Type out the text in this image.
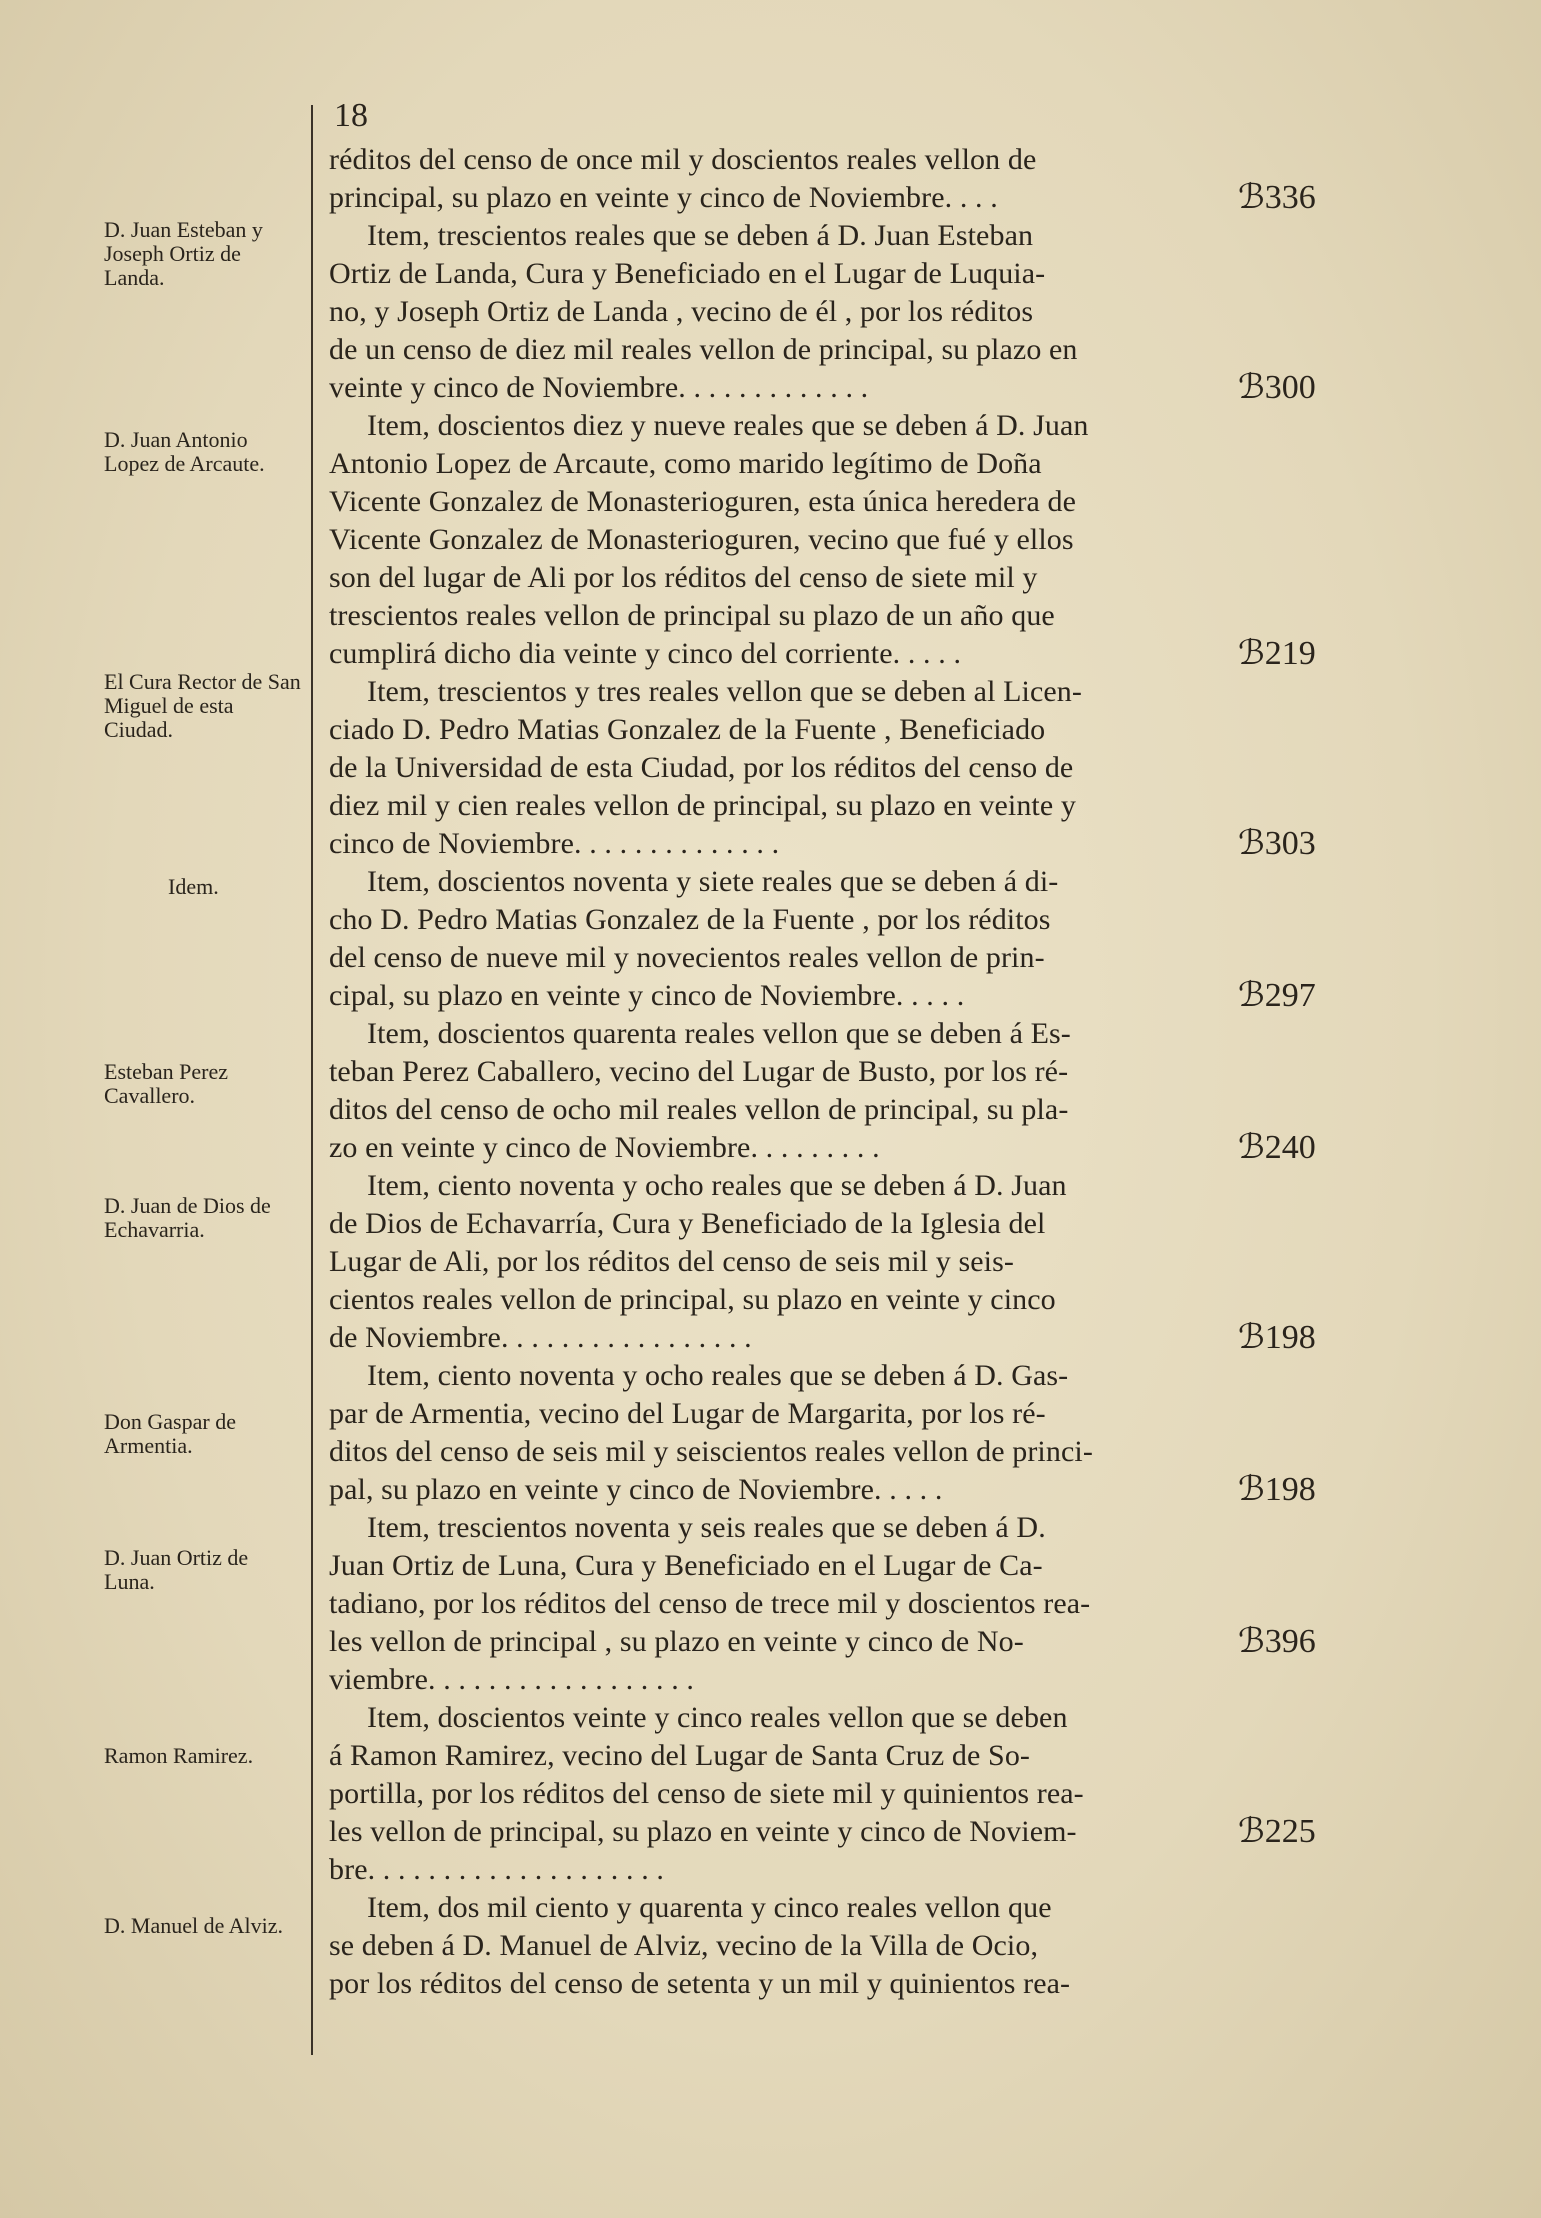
18
D. Juan Esteban y Joseph Ortiz de Landa.
D. Juan Antonio Lopez de Arcaute.
El Cura Rector de San Miguel de esta Ciudad.
Idem.
Esteban Perez Cavallero.
D. Juan de Dios de Echavarria.
Don Gaspar de Armentia.
D. Juan Ortiz de Luna.
Ramon Ramirez.
D. Manuel de Alviz.
réditos del censo de once mil y doscientos reales vellon de
principal, su plazo en veinte y cinco de Noviembre. . . .
Item, trescientos reales que se deben á D. Juan Esteban
Ortiz de Landa, Cura y Beneficiado en el Lugar de Luquia-
no, y Joseph Ortiz de Landa , vecino de él , por los réditos
de un censo de diez mil reales vellon de principal, su plazo en
veinte y cinco de Noviembre. . . . . . . . . . . . .
Item, doscientos diez y nueve reales que se deben á D. Juan
Antonio Lopez de Arcaute, como marido legítimo de Doña
Vicente Gonzalez de Monasterioguren, esta única heredera de
Vicente Gonzalez de Monasterioguren, vecino que fué y ellos
son del lugar de Ali por los réditos del censo de siete mil y
trescientos reales vellon de principal su plazo de un año que
cumplirá dicho dia veinte y cinco del corriente. . . . .
Item, trescientos y tres reales vellon que se deben al Licen-
ciado D. Pedro Matias Gonzalez de la Fuente , Beneficiado
de la Universidad de esta Ciudad, por los réditos del censo de
diez mil y cien reales vellon de principal, su plazo en veinte y
cinco de Noviembre. . . . . . . . . . . . . .
Item, doscientos noventa y siete reales que se deben á di-
cho D. Pedro Matias Gonzalez de la Fuente , por los réditos
del censo de nueve mil y novecientos reales vellon de prin-
cipal, su plazo en veinte y cinco de Noviembre. . . . .
Item, doscientos quarenta reales vellon que se deben á Es-
teban Perez Caballero, vecino del Lugar de Busto, por los ré-
ditos del censo de ocho mil reales vellon de principal, su pla-
zo en veinte y cinco de Noviembre. . . . . . . . .
Item, ciento noventa y ocho reales que se deben á D. Juan
de Dios de Echavarría, Cura y Beneficiado de la Iglesia del
Lugar de Ali, por los réditos del censo de seis mil y seis-
cientos reales vellon de principal, su plazo en veinte y cinco
de Noviembre. . . . . . . . . . . . . . . . .
Item, ciento noventa y ocho reales que se deben á D. Gas-
par de Armentia, vecino del Lugar de Margarita, por los ré-
ditos del censo de seis mil y seiscientos reales vellon de princi-
pal, su plazo en veinte y cinco de Noviembre. . . . .
Item, trescientos noventa y seis reales que se deben á D.
Juan Ortiz de Luna, Cura y Beneficiado en el Lugar de Ca-
tadiano, por los réditos del censo de trece mil y doscientos rea-
les vellon de principal , su plazo en veinte y cinco de No-
viembre. . . . . . . . . . . . . . . . . .
Item, doscientos veinte y cinco reales vellon que se deben
á Ramon Ramirez, vecino del Lugar de Santa Cruz de So-
portilla, por los réditos del censo de siete mil y quinientos rea-
les vellon de principal, su plazo en veinte y cinco de Noviem-
bre. . . . . . . . . . . . . . . . . . . .
Item, dos mil ciento y quarenta y cinco reales vellon que
se deben á D. Manuel de Alviz, vecino de la Villa de Ocio,
por los réditos del censo de setenta y un mil y quinientos rea-
ℬ336
ℬ300
ℬ219
ℬ303
ℬ297
ℬ240
ℬ198
ℬ198
ℬ396
ℬ225
